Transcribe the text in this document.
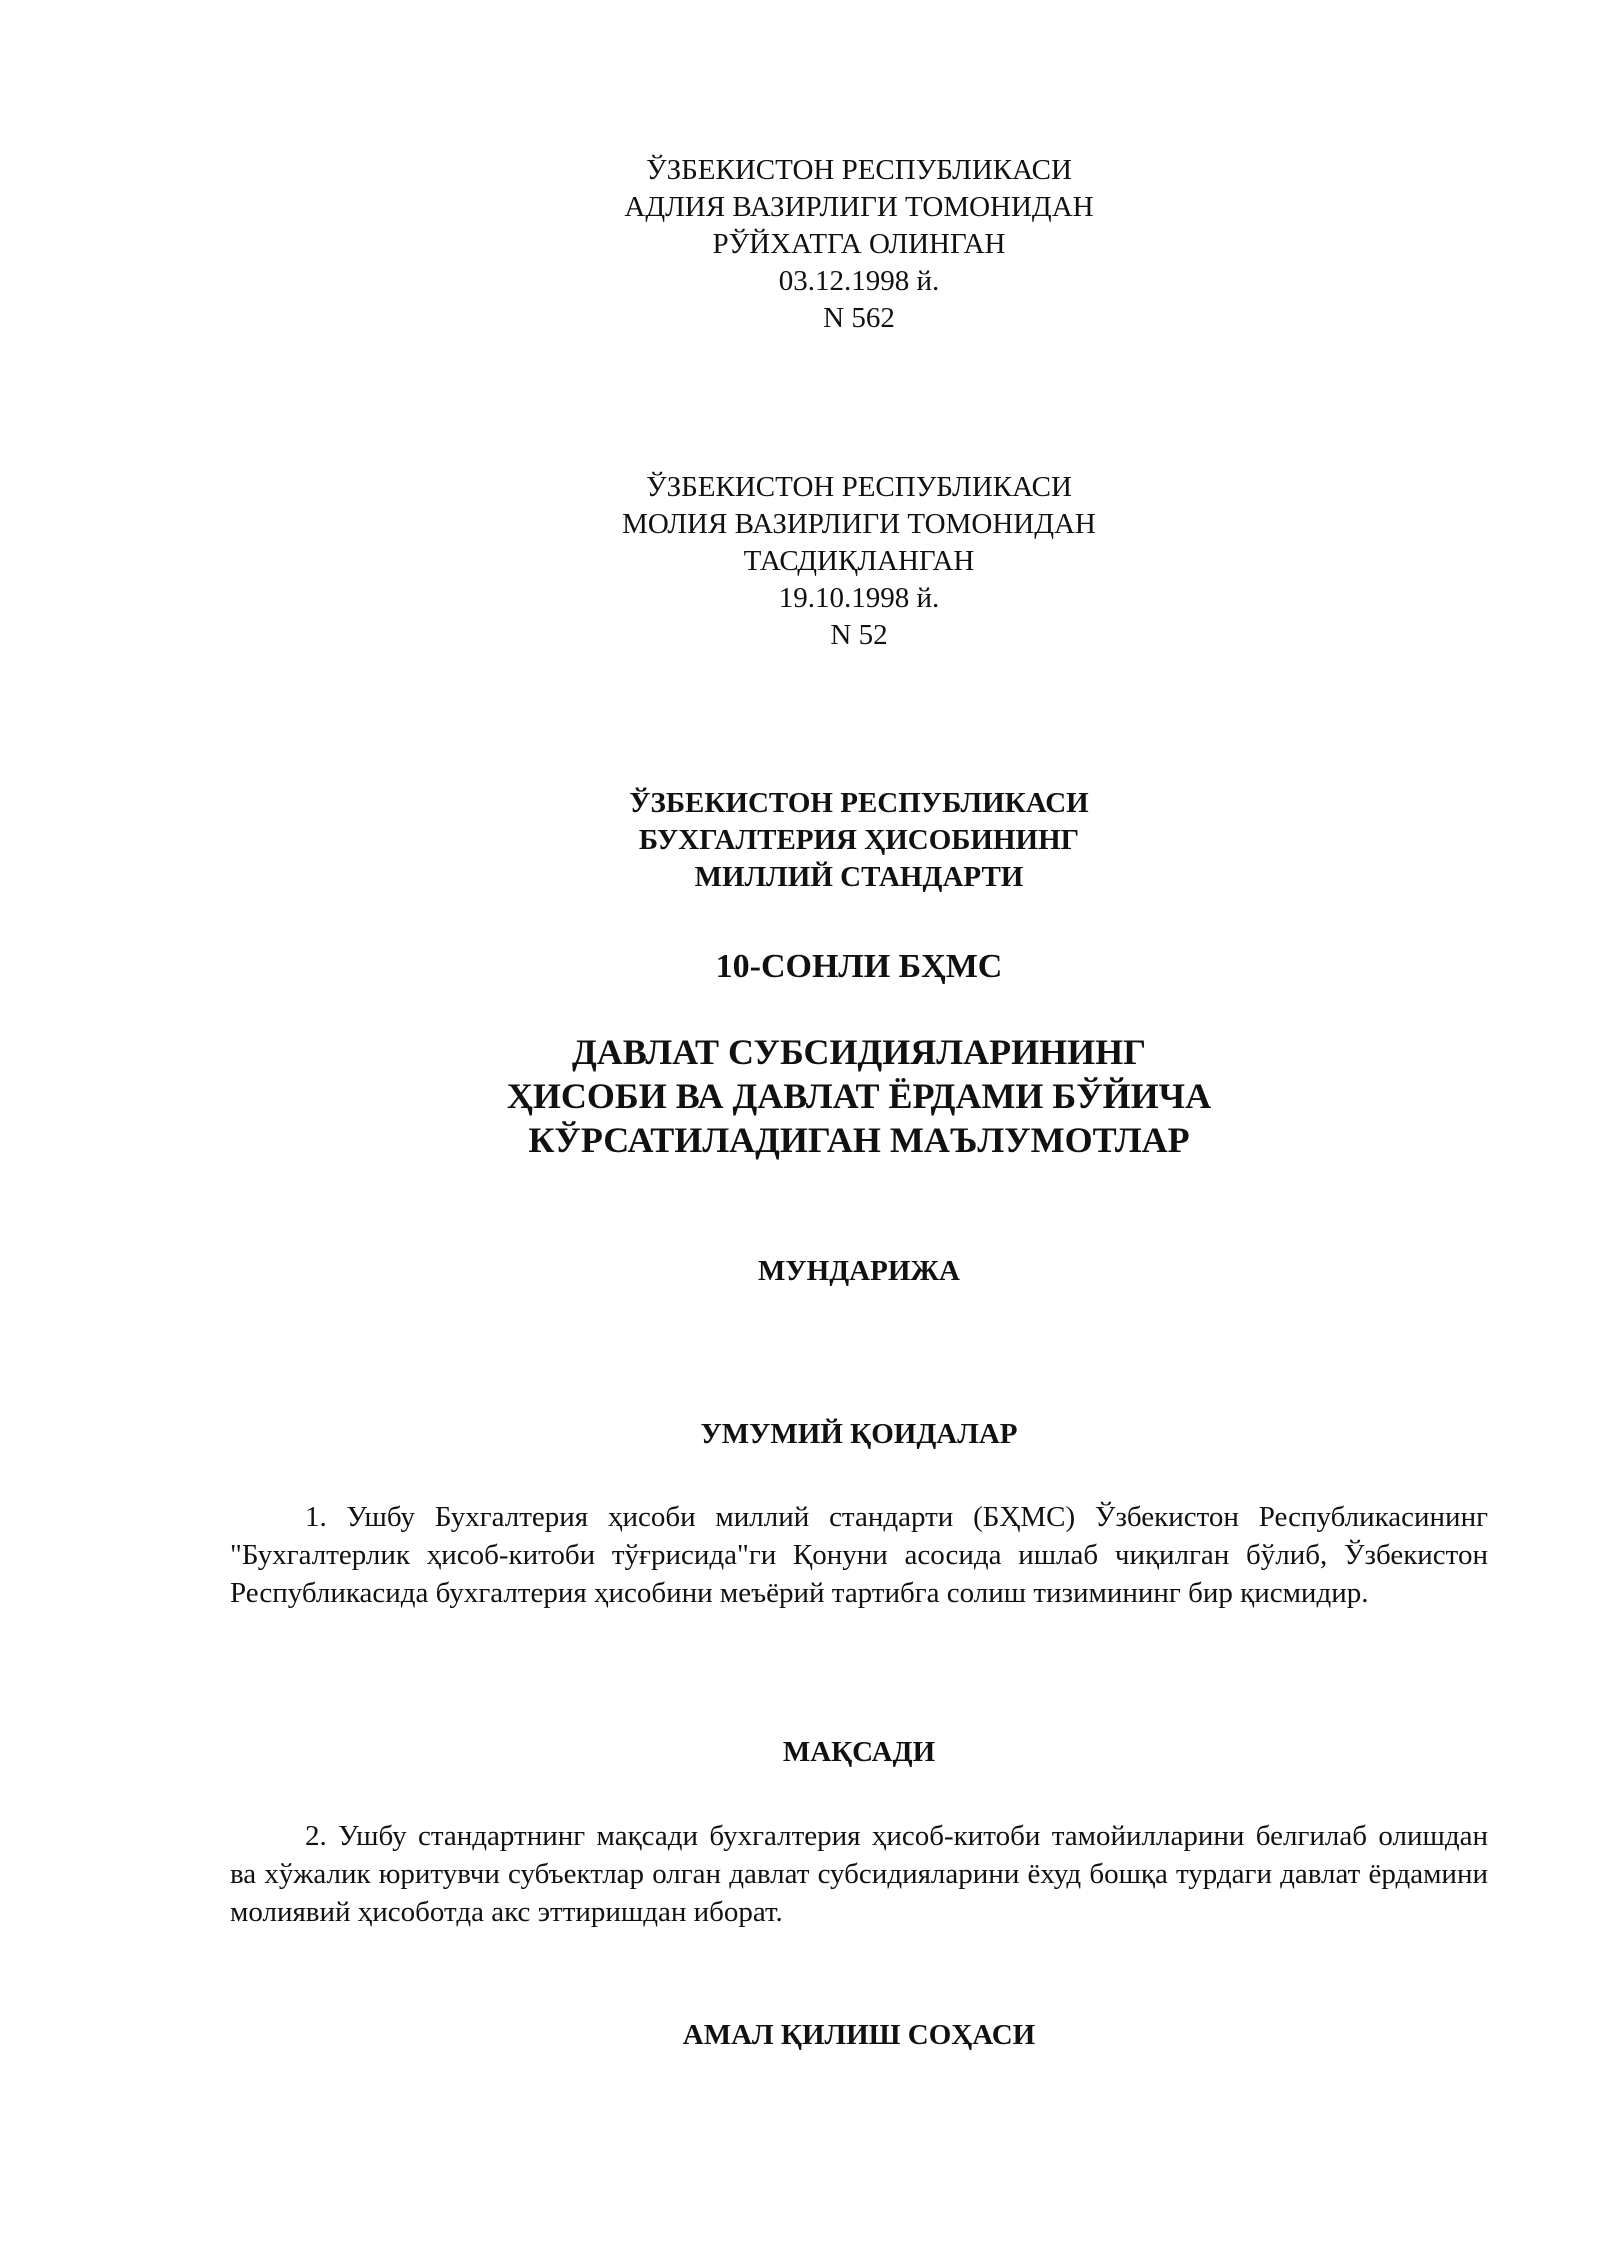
ЎЗБЕКИСТОН РЕСПУБЛИКАСИ
АДЛИЯ ВАЗИРЛИГИ ТОМОНИДАН
РЎЙХАТГА ОЛИНГАН
03.12.1998 й.
N 562
ЎЗБЕКИСТОН РЕСПУБЛИКАСИ
МОЛИЯ ВАЗИРЛИГИ ТОМОНИДАН
ТАСДИҚЛАНГАН
19.10.1998 й.
N 52
ЎЗБЕКИСТОН РЕСПУБЛИКАСИ
БУХГАЛТЕРИЯ ҲИСОБИНИНГ
МИЛЛИЙ СТАНДАРТИ
10-СОНЛИ БҲМС
ДАВЛАТ СУБСИДИЯЛАРИНИНГ
ҲИСОБИ ВА ДАВЛАТ ЁРДАМИ БЎЙИЧА
КЎРСАТИЛАДИГАН МАЪЛУМОТЛАР
МУНДАРИЖА
УМУМИЙ ҚОИДАЛАР

1. Ушбу Бухгалтерия ҳисоби миллий стандарти (БҲМС) Ўзбекистон Республикасининг "Бухгалтерлик ҳисоб-китоби тўғрисида"ги Қонуни асосида ишлаб чиқилган бўлиб, Ўзбекистон Республикасида бухгалтерия ҳисобини меъёрий тартибга солиш тизимининг бир қисмидир.

МАҚСАДИ

2. Ушбу стандартнинг мақсади бухгалтерия ҳисоб-китоби тамойилларини белгилаб олишдан ва хўжалик юритувчи субъектлар олган давлат субсидияларини ёхуд бошқа турдаги давлат ёрдамини молиявий ҳисоботда акс эттиришдан иборат.

АМАЛ ҚИЛИШ СОҲАСИ
